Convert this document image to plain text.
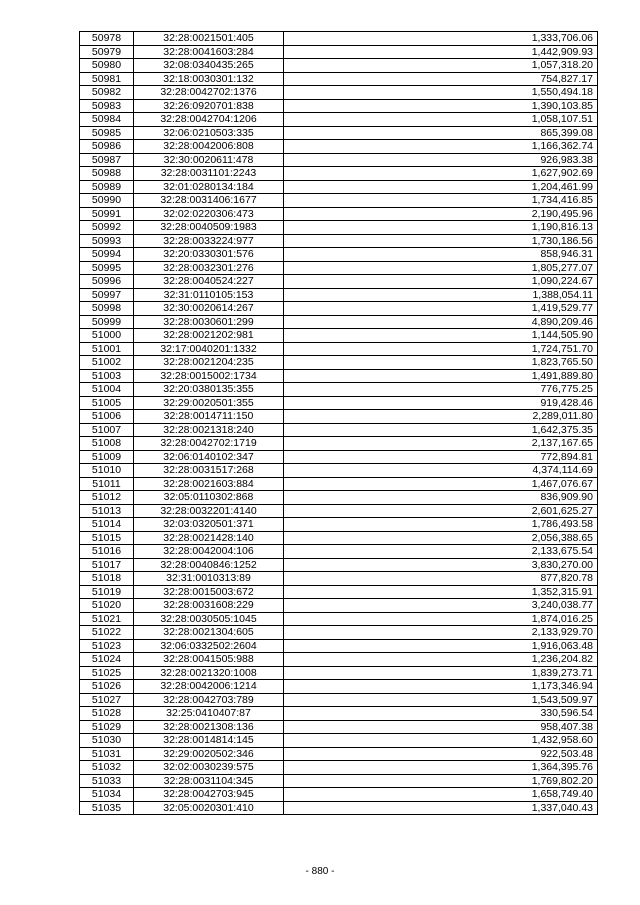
50978	32:28:0021501:405	1,333,706.06
50979	32:28:0041603:284	1,442,909.93
50980	32:08:0340435:265	1,057,318.20
50981	32:18:0030301:132	754,827.17
50982	32:28:0042702:1376	1,550,494.18
50983	32:26:0920701:838	1,390,103.85
50984	32:28:0042704:1206	1,058,107.51
50985	32:06:0210503:335	865,399.08
50986	32:28:0042006:808	1,166,362.74
50987	32:30:0020611:478	926,983.38
50988	32:28:0031101:2243	1,627,902.69
50989	32:01:0280134:184	1,204,461.99
50990	32:28:0031406:1677	1,734,416.85
50991	32:02:0220306:473	2,190,495.96
50992	32:28:0040509:1983	1,190,816.13
50993	32:28:0033224:977	1,730,186.56
50994	32:20:0330301:576	858,946.31
50995	32:28:0032301:276	1,805,277.07
50996	32:28:0040524:227	1,090,224.67
50997	32:31:0110105:153	1,388,054.11
50998	32:30:0020614:267	1,419,529.77
50999	32:28:0030601:299	4,890,209.46
51000	32:28:0021202:981	1,144,505.90
51001	32:17:0040201:1332	1,724,751.70
51002	32:28:0021204:235	1,823,765.50
51003	32:28:0015002:1734	1,491,889.80
51004	32:20:0380135:355	776,775.25
51005	32:29:0020501:355	919,428.46
51006	32:28:0014711:150	2,289,011.80
51007	32:28:0021318:240	1,642,375.35
51008	32:28:0042702:1719	2,137,167.65
51009	32:06:0140102:347	772,894.81
51010	32:28:0031517:268	4,374,114.69
51011	32:28:0021603:884	1,467,076.67
51012	32:05:0110302:868	836,909.90
51013	32:28:0032201:4140	2,601,625.27
51014	32:03:0320501:371	1,786,493.58
51015	32:28:0021428:140	2,056,388.65
51016	32:28:0042004:106	2,133,675.54
51017	32:28:0040846:1252	3,830,270.00
51018	32:31:0010313:89	877,820.78
51019	32:28:0015003:672	1,352,315.91
51020	32:28:0031608:229	3,240,038.77
51021	32:28:0030505:1045	1,874,016.25
51022	32:28:0021304:605	2,133,929.70
51023	32:06:0332502:2604	1,916,063.48
51024	32:28:0041505:988	1,236,204.82
51025	32:28:0021320:1008	1,839,273.71
51026	32:28:0042006:1214	1,173,346.94
51027	32:28:0042703:789	1,543,509.97
51028	32:25:0410407:87	330,596.54
51029	32:28:0021308:136	958,407.38
51030	32:28:0014814:145	1,432,958.60
51031	32:29:0020502:346	922,503.48
51032	32:02:0030239:575	1,364,395.76
51033	32:28:0031104:345	1,769,802.20
51034	32:28:0042703:945	1,658,749.40
51035	32:05:0020301:410	1,337,040.43
- 880 -
